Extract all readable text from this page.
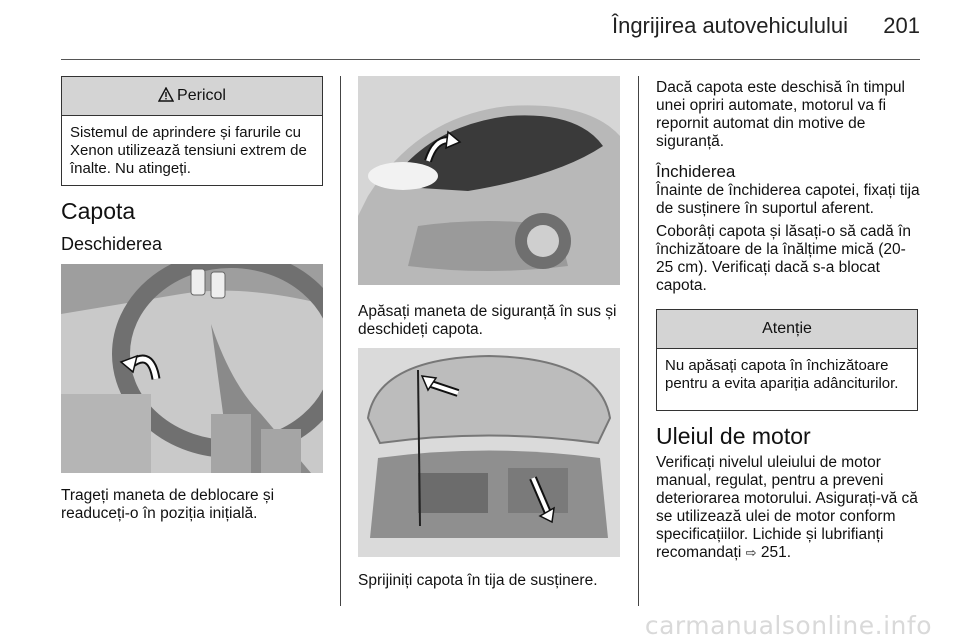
Îngrijirea autovehiculului 201
Pericol
Sistemul de aprindere și farurile cu Xenon utilizează tensiuni extrem de înalte. Nu atingeți.
Capota
Deschiderea
Trageți maneta de deblocare și readuceți-o în poziția inițială.
Apăsați maneta de siguranță în sus și deschideți capota.
Sprijiniți capota în tija de susținere.
Dacă capota este deschisă în timpul unei opriri automate, motorul va fi repornit automat din motive de siguranță.
Închiderea
Înainte de închiderea capotei, fixați tija de susținere în suportul aferent.
Coborâți capota și lăsați-o să cadă în închizătoare de la înălțime mică (20-25 cm). Verificați dacă s-a blocat capota.
Atenție
Nu apăsați capota în închizătoare pentru a evita apariția adânciturilor.
Uleiul de motor
Verificați nivelul uleiului de motor manual, regulat, pentru a preveni deteriorarea motorului. Asigurați-vă că se utilizează ulei de motor conform specificațiilor. Lichide și lubrifianți recomandați ⇨ 251.
carmanualsonline.info
